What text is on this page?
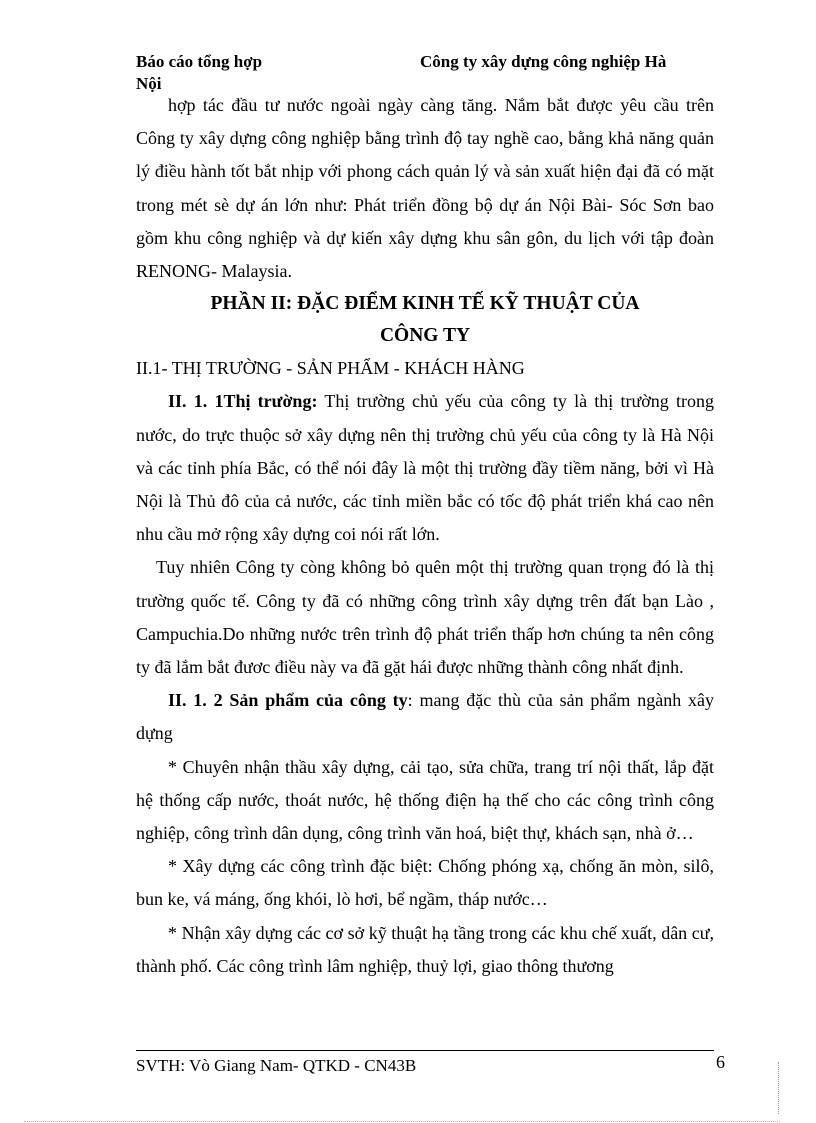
Báo cáo tổng hợp
Nội
Công ty xây dựng công nghiệp Hà

hợp tác đầu tư nước ngoài ngày càng tăng. Nắm bắt được yêu cầu trên Công ty xây dựng công nghiệp bằng trình độ tay nghề cao, bằng khả năng quản lý điều hành tốt bắt nhịp với phong cách quản lý và sản xuất hiện đại đã có mặt trong mét sè dự án lớn như: Phát triển đồng bộ dự án Nội Bài- Sóc Sơn bao gồm khu công nghiệp và dự kiến xây dựng khu sân gôn, du lịch với tập đoàn RENONG- Malaysia.

PHẦN II: ĐẶC ĐIỂM KINH TẾ KỸ THUẬT CỦA

CÔNG TY

II.1- THỊ TRƯỜNG - SẢN PHẨM - KHÁCH HÀNG

II. 1. 1Thị trường: Thị trường chủ yếu của công ty là thị trường trong nước, do trực thuộc sở xây dựng nên thị trường chủ yếu của công ty là Hà Nội và các tỉnh phía Bắc, có thể nói đây là một thị trường đầy tiềm năng, bởi vì Hà Nội là Thủ đô của cả nước, các tỉnh miền bắc có tốc độ phát triển khá cao nên nhu cầu mở rộng xây dựng coi nói rất lớn.

Tuy nhiên Công ty còng không bỏ quên một thị trường quan trọng đó là thị trường quốc tế. Công ty đã có những công trình xây dựng trên đất bạn Lào , Campuchia.Do những nước trên trình độ phát triển thấp hơn chúng ta nên công ty đã lắm bắt đươc điều này va đã gặt hái được những thành công nhất định.

II. 1. 2 Sản phẩm của công ty: mang đặc thù của sản phẩm ngành xây dựng

* Chuyên nhận thầu xây dựng, cải tạo, sửa chữa, trang trí nội thất, lắp đặt hệ thống cấp nước, thoát nước, hệ thống điện hạ thế cho các công trình công nghiệp, công trình dân dụng, công trình văn hoá, biệt thự, khách sạn, nhà ở…

* Xây dựng các công trình đặc biệt: Chống phóng xạ, chống ăn mòn, silô, bun ke, vá máng, ống khói, lò hơi, bể ngầm, tháp nước…

* Nhận xây dựng các cơ sở kỹ thuật hạ tầng trong các khu chế xuất, dân cư, thành phố. Các công trình lâm nghiệp, thuỷ lợi, giao thông thương

SVTH: Vò Giang Nam- QTKD - CN43B	6
